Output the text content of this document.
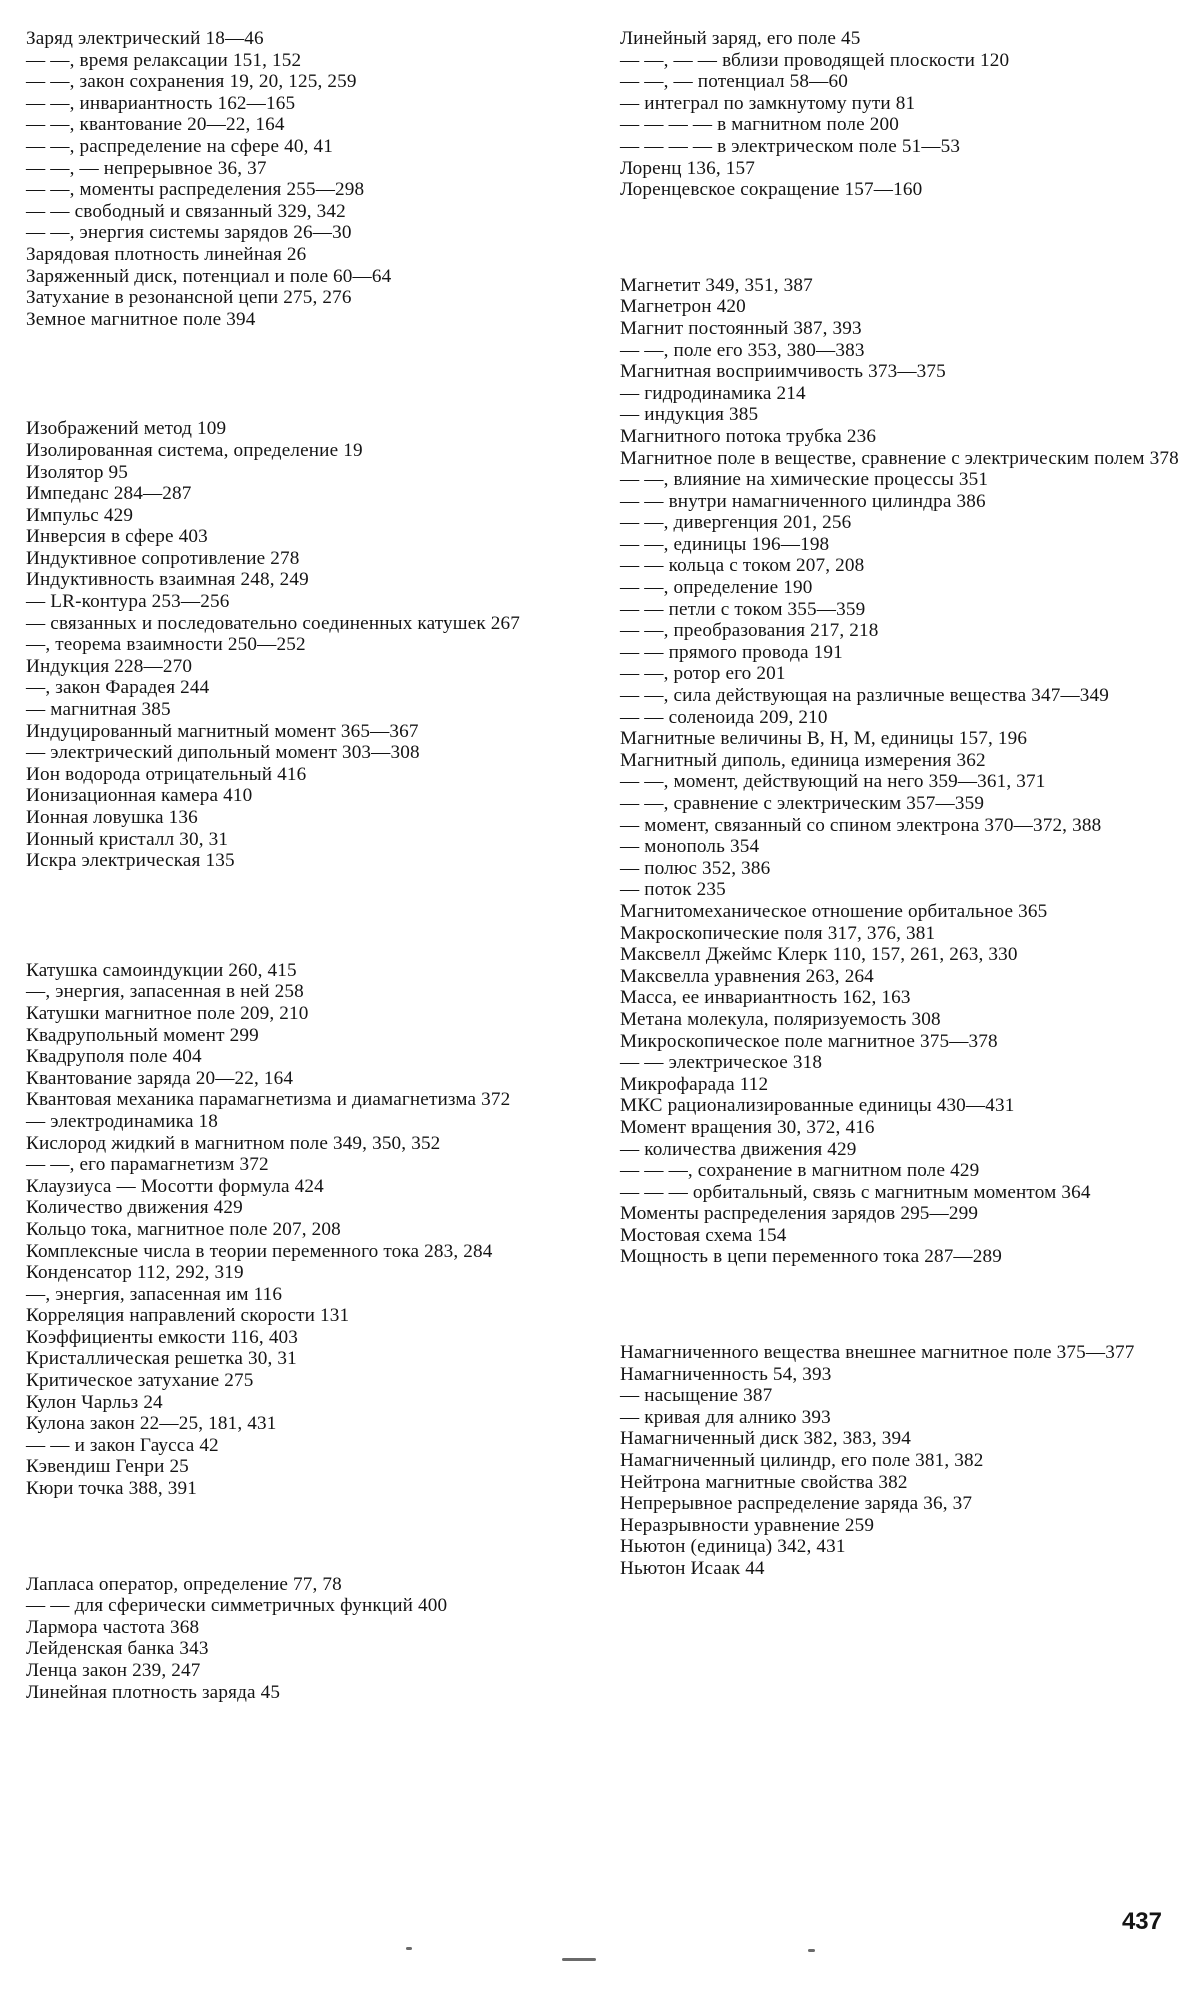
Заряд электрический 18—46

— —, время релаксации 151, 152

— —, закон сохранения 19, 20, 125, 259

— —, инвариантность 162—165

— —, квантование 20—22, 164

— —, распределение на сфере 40, 41

— —, — непрерывное 36, 37

— —, моменты распределения 255—298

— — свободный и связанный 329, 342

— —, энергия системы зарядов 26—30

Зарядовая плотность линейная 26

Заряженный диск, потенциал и поле 60—64

Затухание в резонансной цепи 275, 276

Земное магнитное поле 394

Изображений метод 109

Изолированная система, определение 19

Изолятор 95

Импеданс 284—287

Импульс 429

Инверсия в сфере 403

Индуктивное сопротивление 278

Индуктивность взаимная 248, 249

— LR-контура 253—256

— связанных и последовательно соединенных катушек 267

—, теорема взаимности 250—252

Индукция 228—270

—, закон Фарадея 244

— магнитная 385

Индуцированный магнитный момент 365—367

— электрический дипольный момент 303—308

Ион водорода отрицательный 416

Ионизационная камера 410

Ионная ловушка 136

Ионный кристалл 30, 31

Искра электрическая 135

Катушка самоиндукции 260, 415

—, энергия, запасенная в ней 258

Катушки магнитное поле 209, 210

Квадрупольный момент 299

Квадруполя поле 404

Квантование заряда 20—22, 164

Квантовая механика парамагнетизма и диамагнетизма 372

— электродинамика 18

Кислород жидкий в магнитном поле 349, 350, 352

— —, его парамагнетизм 372

Клаузиуса — Мосотти формула 424

Количество движения 429

Кольцо тока, магнитное поле 207, 208

Комплексные числа в теории переменного тока 283, 284

Конденсатор 112, 292, 319

—, энергия, запасенная им 116

Корреляция направлений скорости 131

Коэффициенты емкости 116, 403

Кристаллическая решетка 30, 31

Критическое затухание 275

Кулон Чарльз 24

Кулона закон 22—25, 181, 431

— — и закон Гаусса 42

Кэвендиш Генри 25

Кюри точка 388, 391

Лапласа оператор, определение 77, 78

— — для сферически симметричных функций 400

Лармора частота 368

Лейденская банка 343

Ленца закон 239, 247

Линейная плотность заряда 45

Линейный заряд, его поле 45

— —, — — вблизи проводящей плоскости 120

— —, — потенциал 58—60

— интеграл по замкнутому пути 81

— — — — в магнитном поле 200

— — — — в электрическом поле 51—53

Лоренц 136, 157

Лоренцевское сокращение 157—160

Магнетит 349, 351, 387

Магнетрон 420

Магнит постоянный 387, 393

— —, поле его 353, 380—383

Магнитная восприимчивость 373—375

— гидродинамика 214

— индукция 385

Магнитного потока трубка 236

Магнитное поле в веществе, сравнение с электрическим полем 378

— —, влияние на химические процессы 351

— — внутри намагниченного цилиндра 386

— —, дивергенция 201, 256

— —, единицы 196—198

— — кольца с током 207, 208

— —, определение 190

— — петли с током 355—359

— —, преобразования 217, 218

— — прямого провода 191

— —, ротор его 201

— —, сила действующая на различные вещества 347—349

— — соленоида 209, 210

Магнитные величины В, Н, М, единицы 157, 196

Магнитный диполь, единица измерения 362

— —, момент, действующий на него 359—361, 371

— —, сравнение с электрическим 357—359

— момент, связанный со спином электрона 370—372, 388

— монополь 354

— полюс 352, 386

— поток 235

Магнитомеханическое отношение орбитальное 365

Макроскопические поля 317, 376, 381

Максвелл Джеймс Клерк 110, 157, 261, 263, 330

Максвелла уравнения 263, 264

Масса, ее инвариантность 162, 163

Метана молекула, поляризуемость 308

Микроскопическое поле магнитное 375—378

— — электрическое 318

Микрофарада 112

МКС рационализированные единицы 430—431

Момент вращения 30, 372, 416

— количества движения 429

— — —, сохранение в магнитном поле 429

— — — орбитальный, связь с магнитным моментом 364

Моменты распределения зарядов 295—299

Мостовая схема 154

Мощность в цепи переменного тока 287—289

Намагниченного вещества внешнее магнитное поле 375—377

Намагниченность 54, 393

— насыщение 387

— кривая для алнико 393

Намагниченный диск 382, 383, 394

Намагниченный цилиндр, его поле 381, 382

Нейтрона магнитные свойства 382

Непрерывное распределение заряда 36, 37

Неразрывности уравнение 259

Ньютон (единица) 342, 431

Ньютон Исаак 44

437
